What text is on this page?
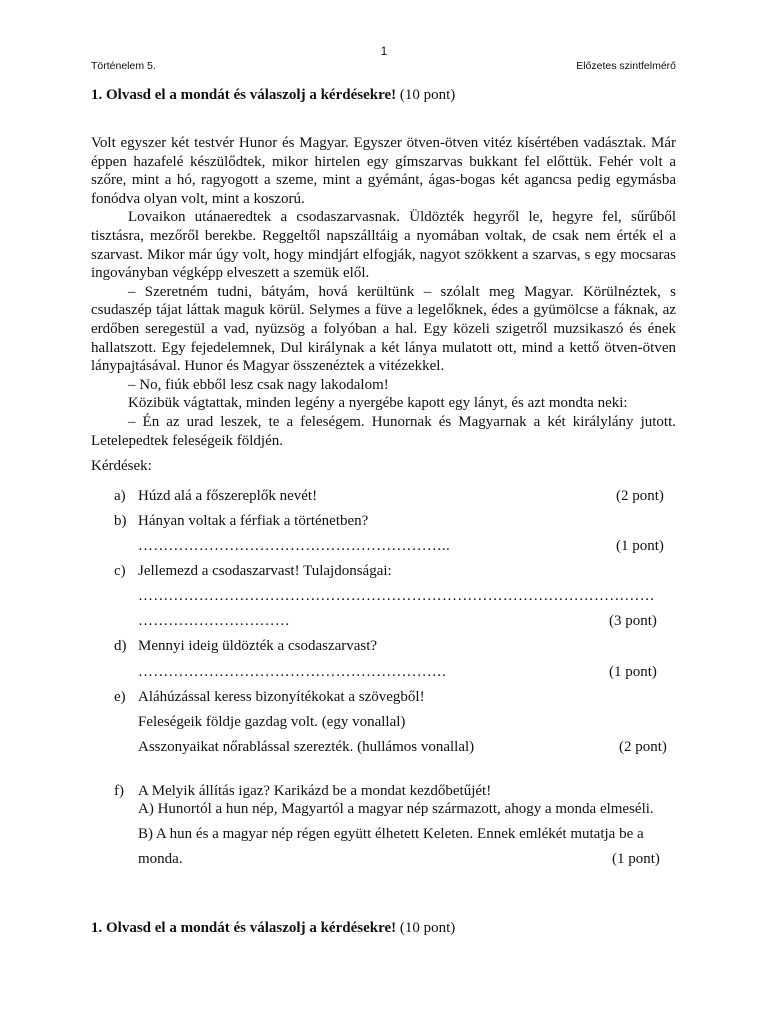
1
Történelem 5.	Előzetes szintfelmérő
1. Olvasd el a mondát és válaszolj a kérdésekre! (10 pont)

Volt egyszer két testvér Hunor és Magyar. Egyszer ötven-ötven vitéz kísértében vadásztak. Már éppen hazafelé készülődtek, mikor hirtelen egy gímszarvas bukkant fel előttük. Fehér volt a szőre, mint a hó, ragyogott a szeme, mint a gyémánt, ágas-bogas két agancsa pedig egymásba fonódva olyan volt, mint a koszorú.

Lovaikon utánaeredtek a csodaszarvasnak. Üldözték hegyről le, hegyre fel, sűrűből tisztásra, mezőről berekbe. Reggeltől napszálltáig a nyomában voltak, de csak nem érték el a szarvast. Mikor már úgy volt, hogy mindjárt elfogják, nagyot szökkent a szarvas, s egy mocsaras ingoványban végképp elveszett a szemük elől.

– Szeretném tudni, bátyám, hová kerültünk – szólalt meg Magyar. Körülnéztek, s csudaszép tájat láttak maguk körül. Selymes a füve a legelőknek, édes a gyümölcse a fáknak, az erdőben seregestül a vad, nyüzsög a folyóban a hal. Egy közeli szigetről muzsikaszó és ének hallatszott. Egy fejedelemnek, Dul királynak a két lánya mulatott ott, mind a kettő ötven-ötven lánypajtásával. Hunor és Magyar összenéztek a vitézekkel.

– No, fiúk ebből lesz csak nagy lakodalom!

Közibük vágtattak, minden legény a nyergébe kapott egy lányt, és azt mondta neki:

– Én az urad leszek, te a feleségem. Hunornak és Magyarnak a két királylány jutott. Letelepedtek feleségeik földjén.

Kérdések:
a) Húzd alá a főszereplők nevét!	(2 pont)
b) Hányan voltak a férfiak a történetben?
……………………………………………………..	(1 pont)
c) Jellemezd a csodaszarvast! Tulajdonságai:
…………………………………………………………………………………………
…………………………	(3 pont)
d) Mennyi ideig üldözték a csodaszarvast?
…………………………………………………….	(1 pont)
e) Aláhúzással keress bizonyítékokat a szövegből!
Feleségeik földje gazdag volt. (egy vonallal)
Asszonyaikat nőrablással szerezték. (hullámos vonallal)	(2 pont)
f) A Melyik állítás igaz? Karikázd be a mondat kezdőbetűjét!
A) Hunortól a hun nép, Magyartól a magyar nép származott, ahogy a monda elmeséli.
B) A hun és a magyar nép régen együtt élhetett Keleten. Ennek emlékét mutatja be a
monda.	(1 pont)
1. Olvasd el a mondát és válaszolj a kérdésekre! (10 pont)
